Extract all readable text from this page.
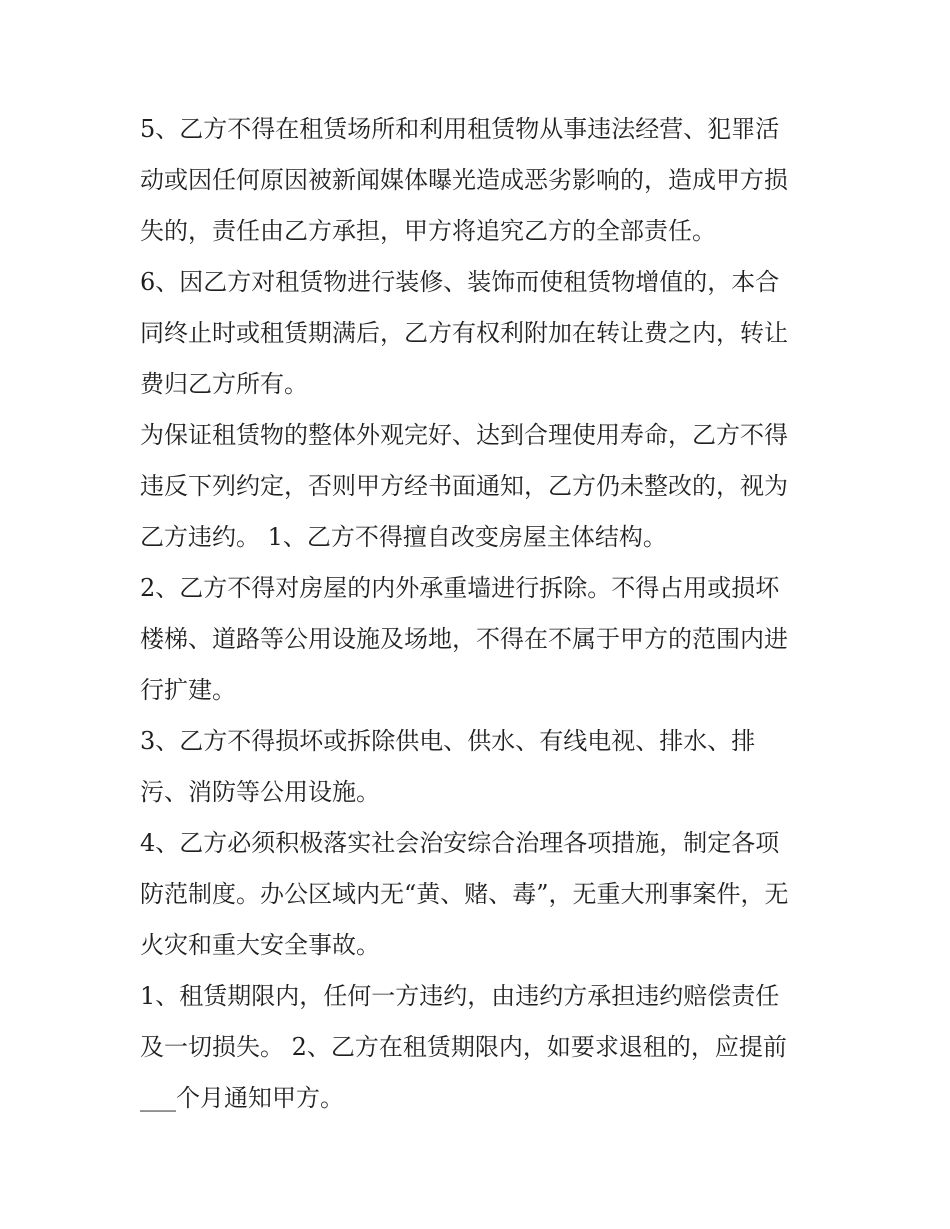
5、乙方不得在租赁场所和利用租赁物从事违法经营、犯罪活
动或因任何原因被新闻媒体曝光造成恶劣影响的，造成甲方损
失的，责任由乙方承担，甲方将追究乙方的全部责任。
6、因乙方对租赁物进行装修、装饰而使租赁物增值的，本合
同终止时或租赁期满后，乙方有权利附加在转让费之内，转让
费归乙方所有。
为保证租赁物的整体外观完好、达到合理使用寿命，乙方不得
违反下列约定，否则甲方经书面通知，乙方仍未整改的，视为
乙方违约。 1、乙方不得擅自改变房屋主体结构。
2、乙方不得对房屋的内外承重墙进行拆除。不得占用或损坏
楼梯、道路等公用设施及场地，不得在不属于甲方的范围内进
行扩建。
3、乙方不得损坏或拆除供电、供水、有线电视、排水、排
污、消防等公用设施。
4、乙方必须积极落实社会治安综合治理各项措施，制定各项
防范制度。办公区域内无“黄、赌、毒”，无重大刑事案件，无
火灾和重大安全事故。
1、租赁期限内，任何一方违约，由违约方承担违约赔偿责任
及一切损失。 2、乙方在租赁期限内，如要求退租的，应提前
___个月通知甲方。
